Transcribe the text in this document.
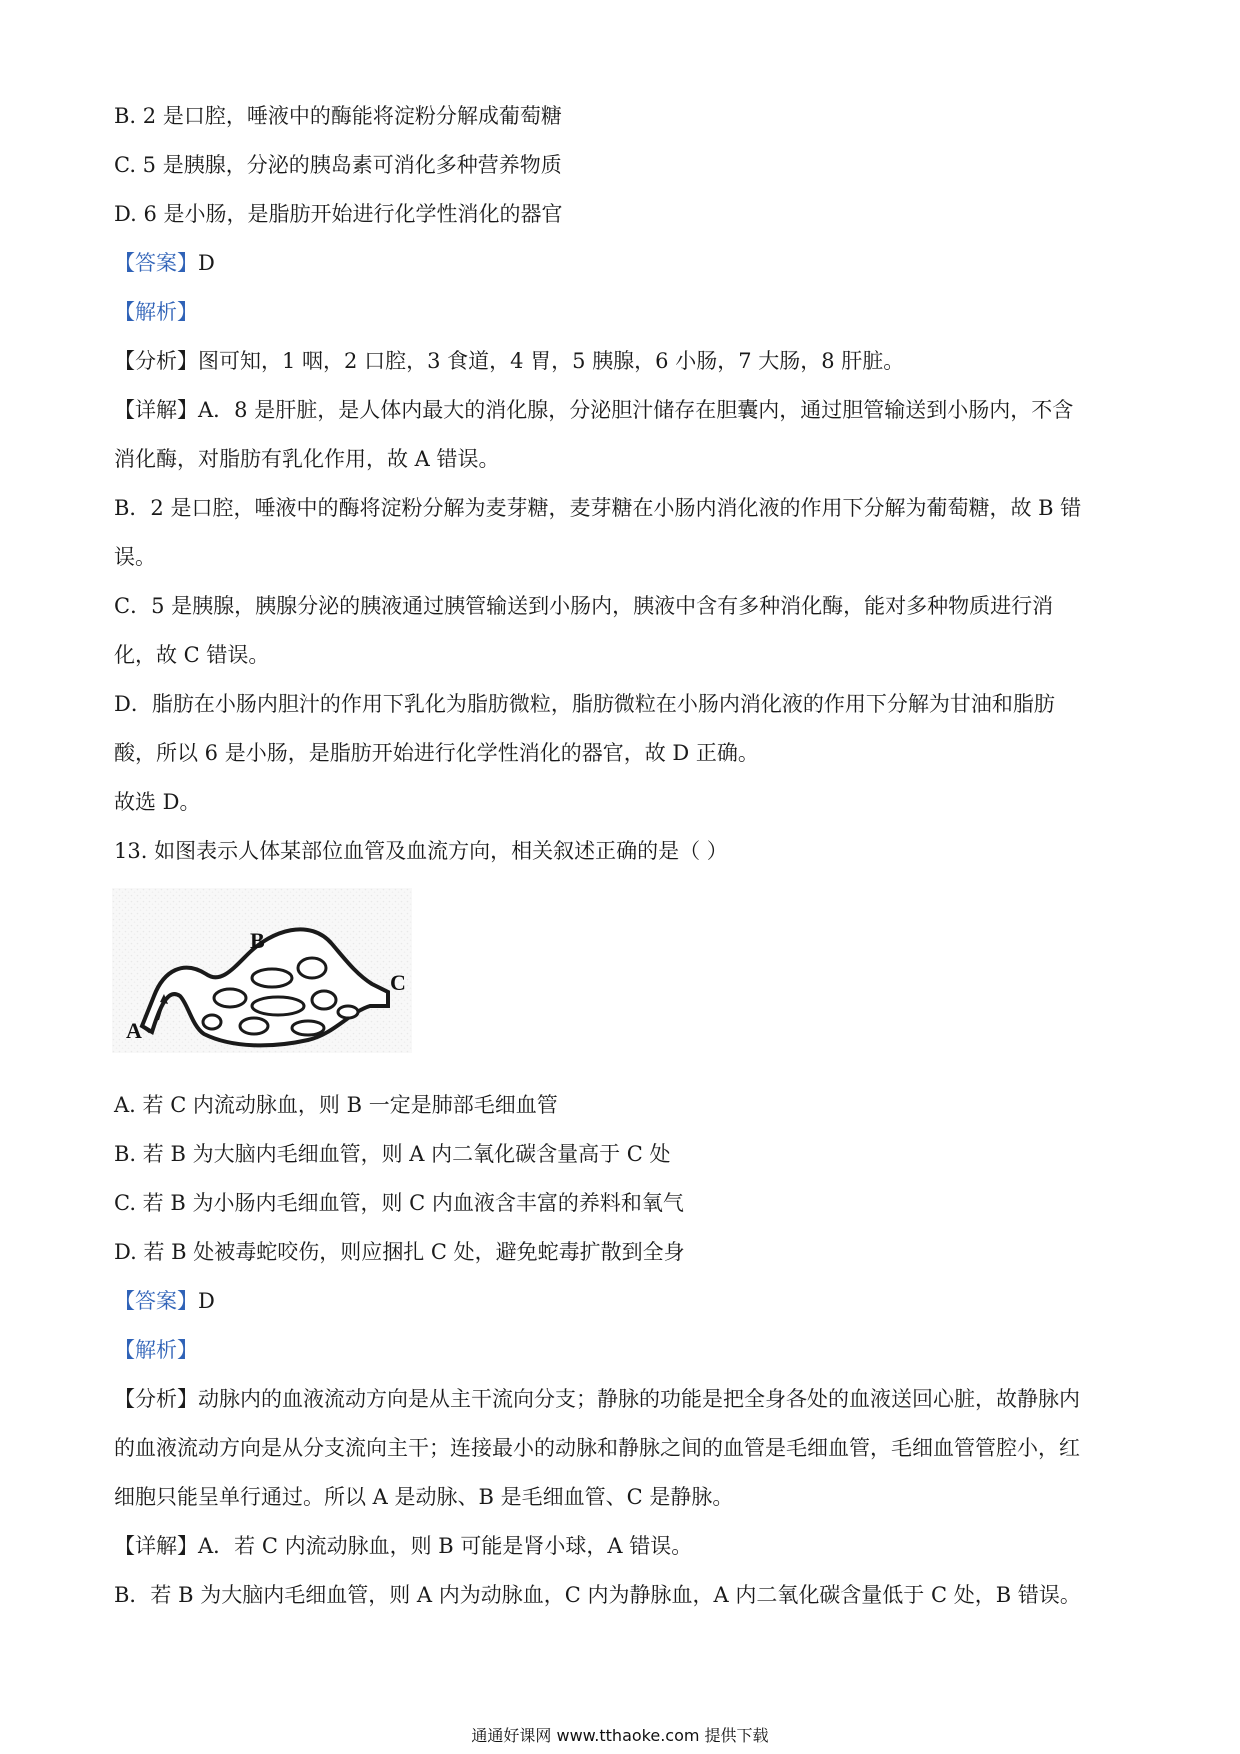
B. 2 是口腔，唾液中的酶能将淀粉分解成葡萄糖
C. 5 是胰腺，分泌的胰岛素可消化多种营养物质
D. 6 是小肠，是脂肪开始进行化学性消化的器官
【答案】D
【解析】
【分析】图可知，1 咽，2 口腔，3 食道，4 胃，5 胰腺，6 小肠，7 大肠，8 肝脏。
【详解】A．8 是肝脏，是人体内最大的消化腺，分泌胆汁储存在胆囊内，通过胆管输送到小肠内，不含
消化酶，对脂肪有乳化作用，故 A 错误。
B．2 是口腔，唾液中的酶将淀粉分解为麦芽糖，麦芽糖在小肠内消化液的作用下分解为葡萄糖，故 B 错
误。
C．5 是胰腺，胰腺分泌的胰液通过胰管输送到小肠内，胰液中含有多种消化酶，能对多种物质进行消
化，故 C 错误。
D．脂肪在小肠内胆汁的作用下乳化为脂肪微粒，脂肪微粒在小肠内消化液的作用下分解为甘油和脂肪
酸，所以 6 是小肠，是脂肪开始进行化学性消化的器官，故 D 正确。
故选 D。
13. 如图表示人体某部位血管及血流方向，相关叙述正确的是（ ）
A
B
C
A. 若 C 内流动脉血，则 B 一定是肺部毛细血管
B. 若 B 为大脑内毛细血管，则 A 内二氧化碳含量高于 C 处
C. 若 B 为小肠内毛细血管，则 C 内血液含丰富的养料和氧气
D. 若 B 处被毒蛇咬伤，则应捆扎 C 处，避免蛇毒扩散到全身
【答案】D
【解析】
【分析】动脉内的血液流动方向是从主干流向分支；静脉的功能是把全身各处的血液送回心脏，故静脉内
的血液流动方向是从分支流向主干；连接最小的动脉和静脉之间的血管是毛细血管，毛细血管管腔小，红
细胞只能呈单行通过。所以 A 是动脉、B 是毛细血管、C 是静脉。
【详解】A．若 C 内流动脉血，则 B 可能是肾小球，A 错误。
B．若 B 为大脑内毛细血管，则 A 内为动脉血，C 内为静脉血，A 内二氧化碳含量低于 C 处，B 错误。
通通好课网 www.tthaoke.com 提供下载
